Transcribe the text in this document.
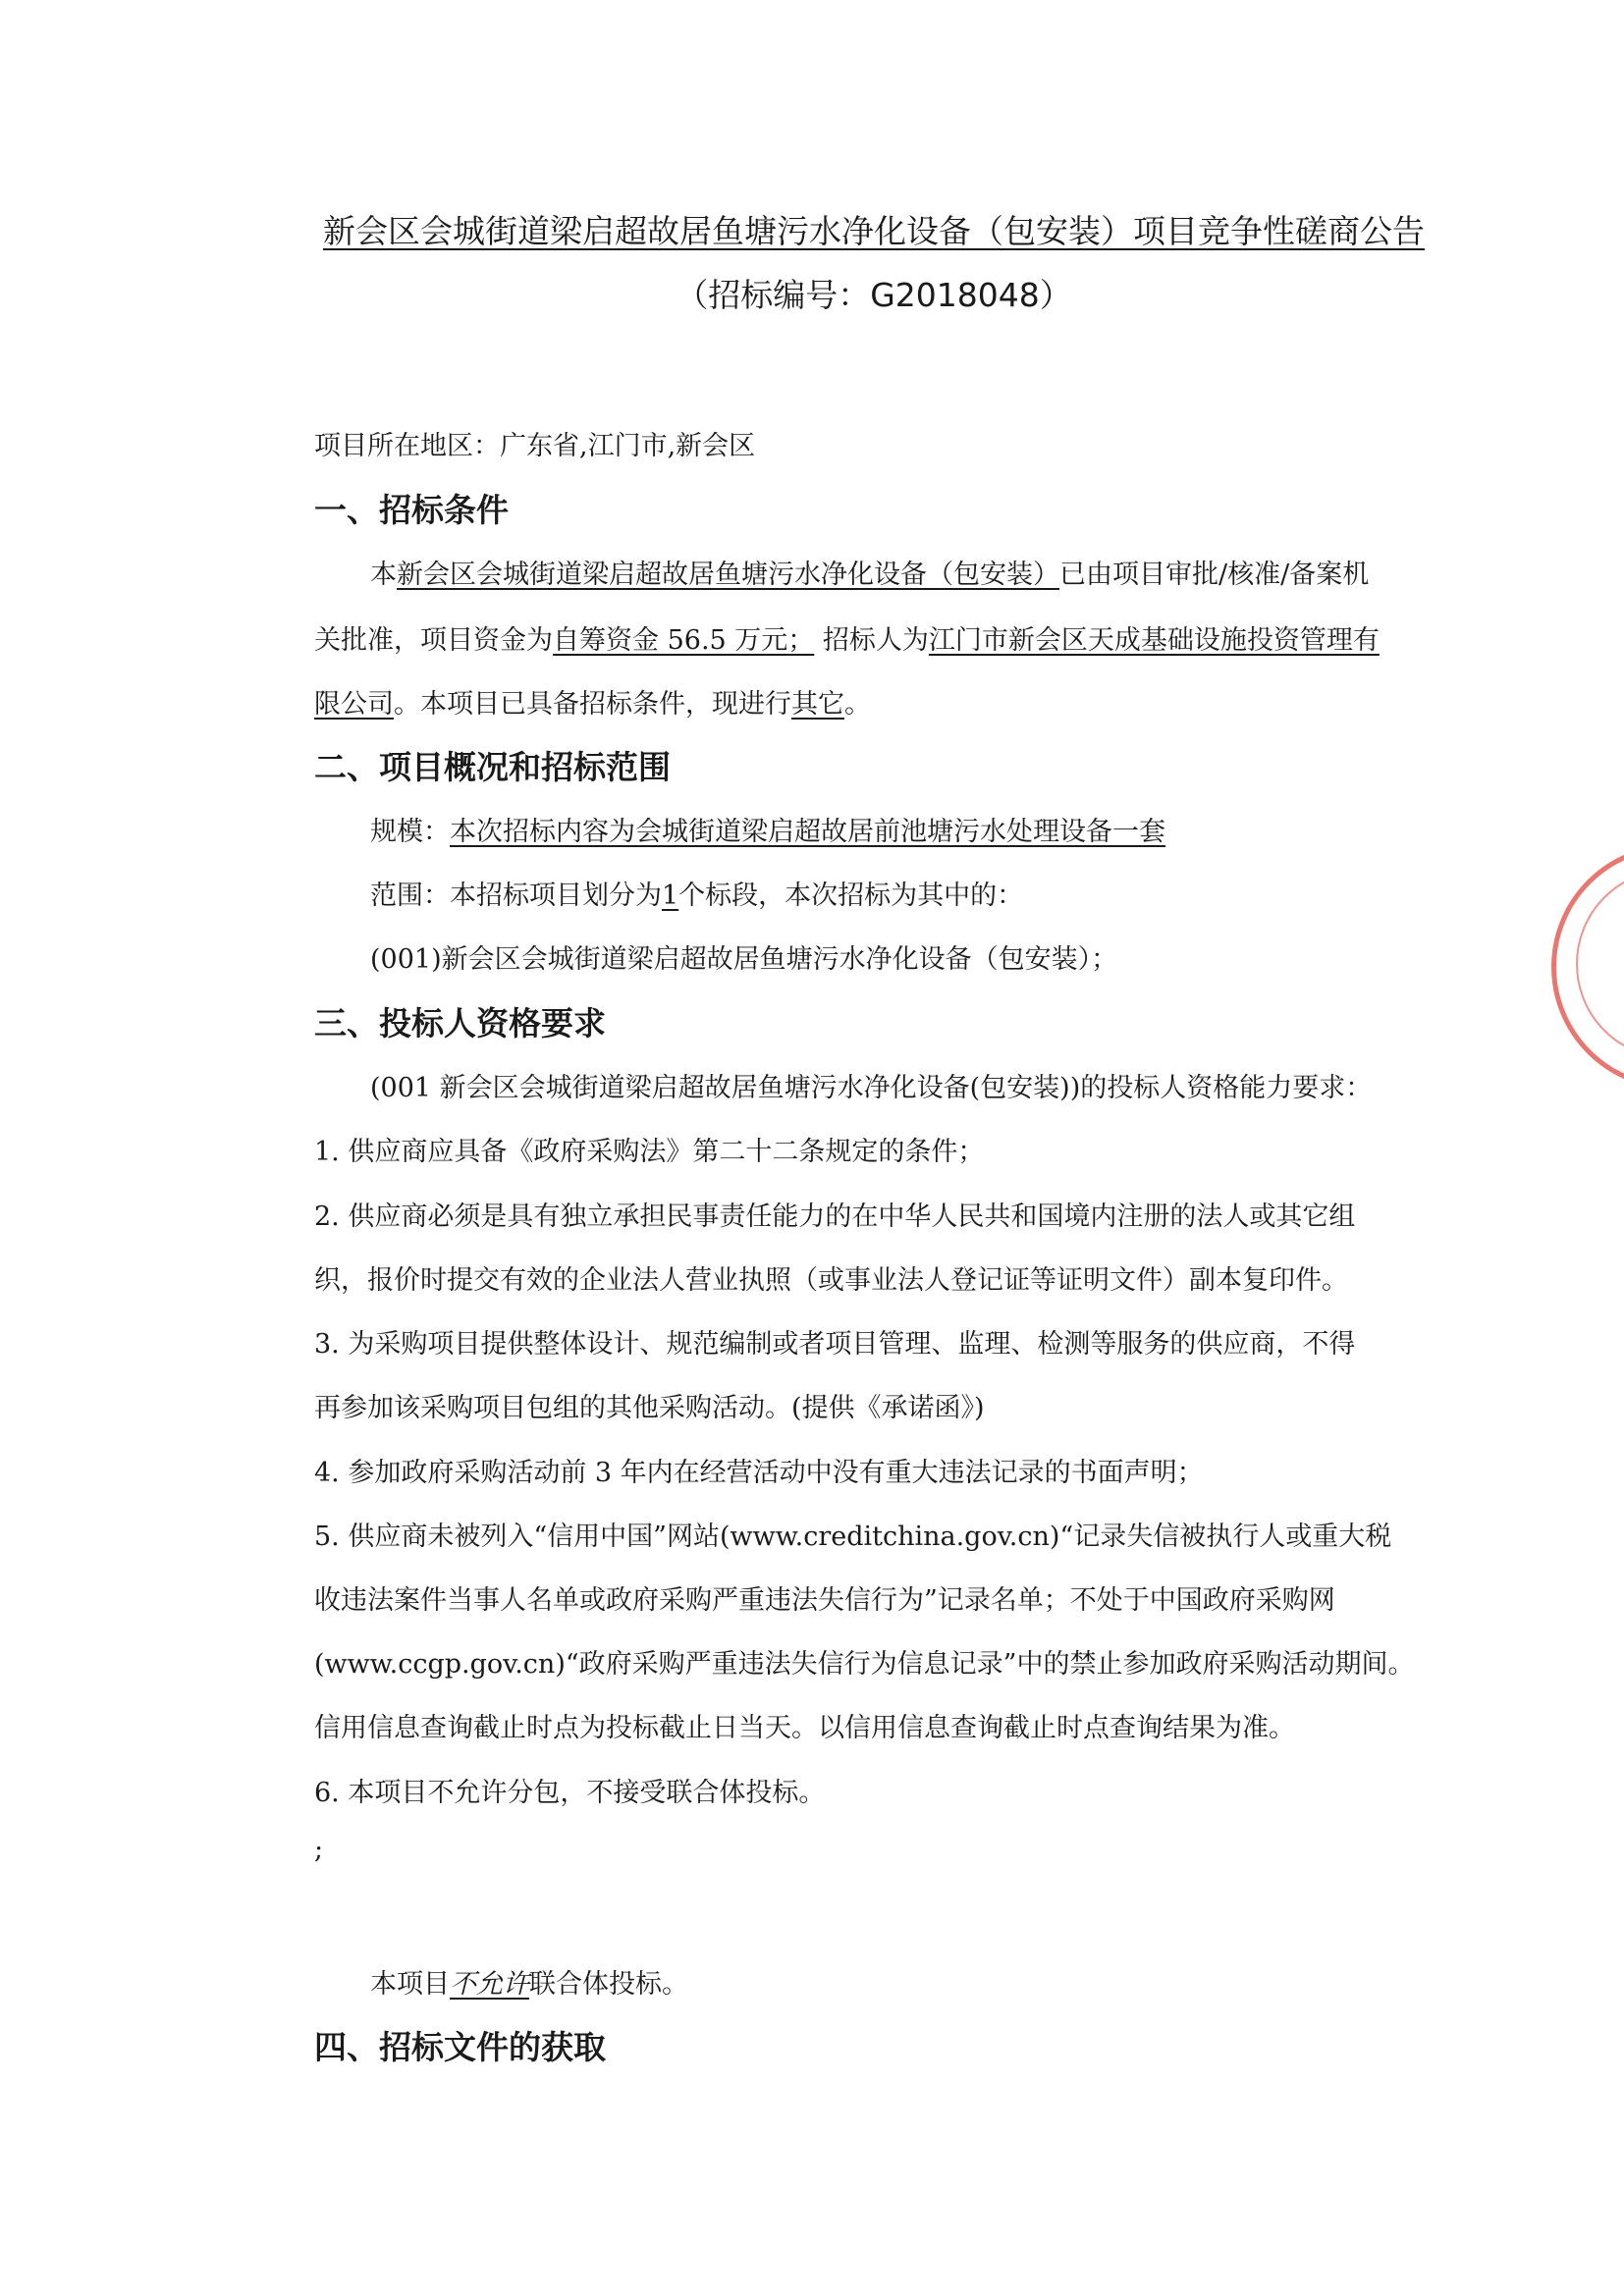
新会区会城街道梁启超故居鱼塘污水净化设备（包安装）项目竞争性磋商公告
（招标编号：G2018048）
项目所在地区：广东省,江门市,新会区
一、招标条件
本新会区会城街道梁启超故居鱼塘污水净化设备（包安装）已由项目审批/核准/备案机
关批准，项目资金为自筹资金 56.5 万元； 招标人为江门市新会区天成基础设施投资管理有
限公司。本项目已具备招标条件，现进行其它。
二、项目概况和招标范围
规模：本次招标内容为会城街道梁启超故居前池塘污水处理设备一套
范围：本招标项目划分为1个标段，本次招标为其中的：
(001)新会区会城街道梁启超故居鱼塘污水净化设备（包安装）；
三、投标人资格要求
(001 新会区会城街道梁启超故居鱼塘污水净化设备(包安装))的投标人资格能力要求：
1. 供应商应具备《政府采购法》第二十二条规定的条件；
2. 供应商必须是具有独立承担民事责任能力的在中华人民共和国境内注册的法人或其它组
织，报价时提交有效的企业法人营业执照（或事业法人登记证等证明文件）副本复印件。
3. 为采购项目提供整体设计、规范编制或者项目管理、监理、检测等服务的供应商，不得
再参加该采购项目包组的其他采购活动。(提供《承诺函》)
4. 参加政府采购活动前 3 年内在经营活动中没有重大违法记录的书面声明；
5. 供应商未被列入“信用中国”网站(www.creditchina.gov.cn)“记录失信被执行人或重大税
收违法案件当事人名单或政府采购严重违法失信行为”记录名单；不处于中国政府采购网
(www.ccgp.gov.cn)“政府采购严重违法失信行为信息记录”中的禁止参加政府采购活动期间。
信用信息查询截止时点为投标截止日当天。以信用信息查询截止时点查询结果为准。
6. 本项目不允许分包，不接受联合体投标。
;
本项目不允许联合体投标。
四、招标文件的获取
